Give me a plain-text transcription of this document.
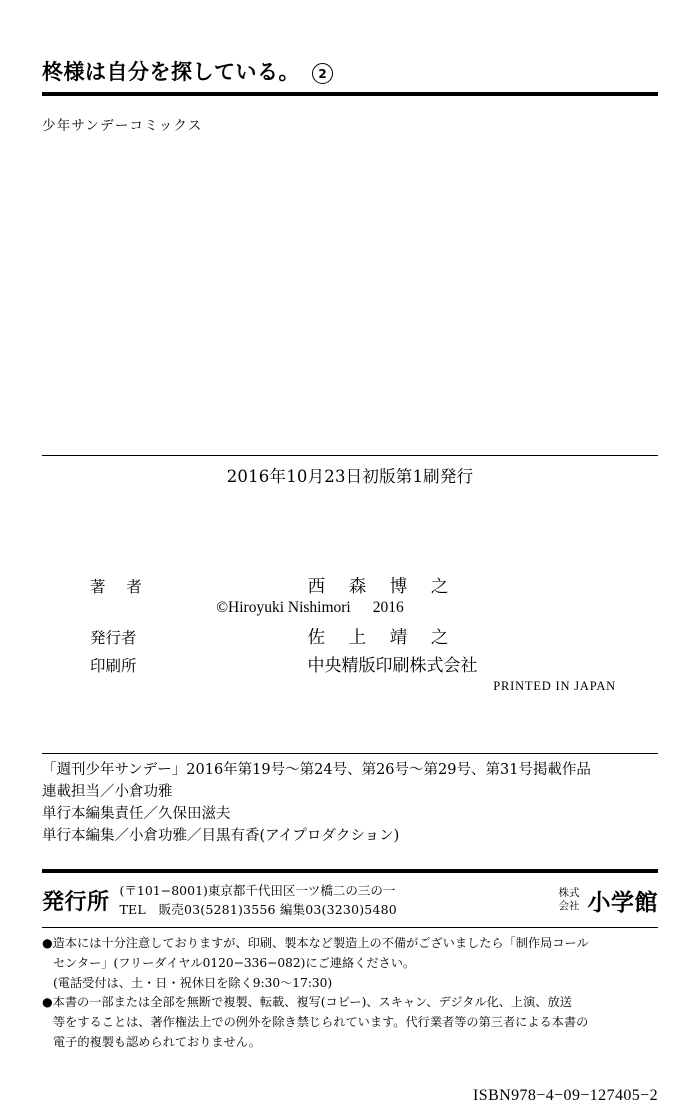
柊様は自分を探している。	2
少年サンデーコミックス
2016年10月23日初版第1刷発行
著 者	西 森 博 之
©Hiroyuki Nishimori 2016
発行者	佐 上 靖 之
印刷所	中央精版印刷株式会社
PRINTED IN JAPAN
「週刊少年サンデー」2016年第19号〜第24号、第26号〜第29号、第31号掲載作品
連載担当／小倉功雅
単行本編集責任／久保田滋夫
単行本編集／小倉功雅／目黒有香(アイプロダクション)
発行所 (〒101−8001)東京都千代田区一ツ橋二の三の一
TEL　販売03(5281)3556 編集03(3230)5480
株式
会社 小学館

●造本には十分注意しておりますが、印刷、製本など製造上の不備がございましたら「制作局コール

センター」(フリーダイヤル0120−336−082)にご連絡ください。

(電話受付は、土・日・祝休日を除く9:30〜17:30)

●本書の一部または全部を無断で複製、転載、複写(コピー)、スキャン、デジタル化、上演、放送

等をすることは、著作権法上での例外を除き禁じられています。代行業者等の第三者による本書の

電子的複製も認められておりません。

ISBN978−4−09−127405−2
